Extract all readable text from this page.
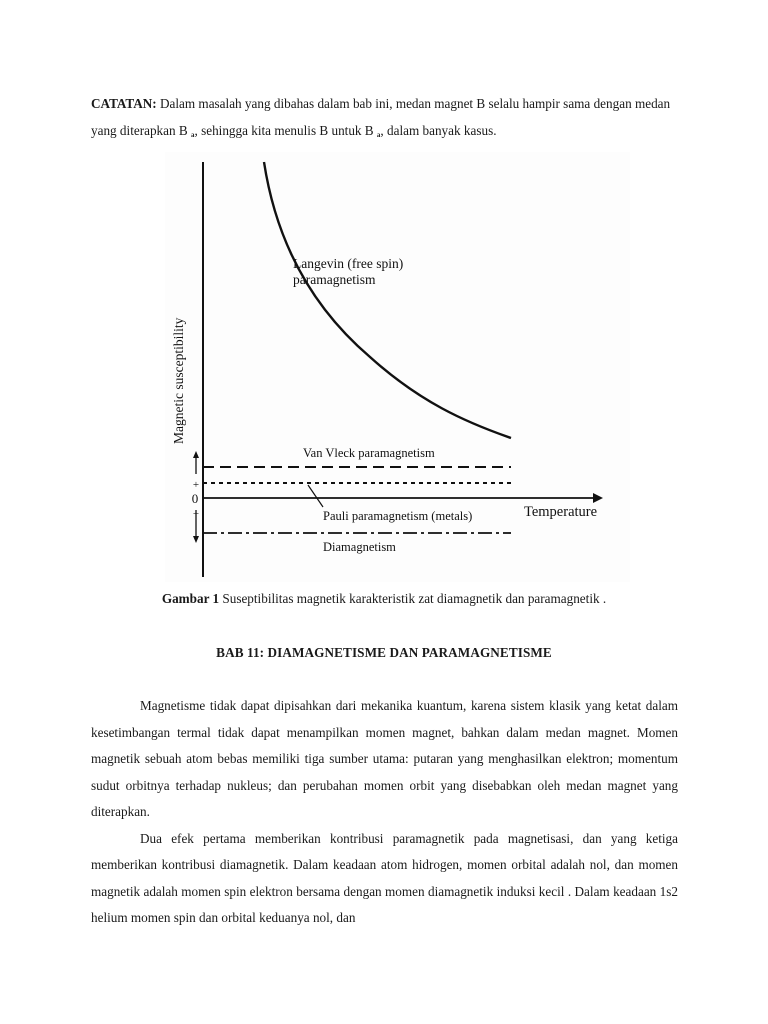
CATATAN: Dalam masalah yang dibahas dalam bab ini, medan magnet B selalu hampir sama dengan medan yang diterapkan B $_a$, sehingga kita menulis B untuk B $_a$, dalam banyak kasus.

+
0
−
Magnetic susceptibility
Temperature
Langevin (free spin)
paramagnetism
Van Vleck paramagnetism
Pauli paramagnetism (metals)
Diamagnetism

Gambar 1 Suseptibilitas magnetik karakteristik zat diamagnetik dan paramagnetik .

BAB 11: DIAMAGNETISME DAN PARAMAGNETISME

Magnetisme tidak dapat dipisahkan dari mekanika kuantum, karena sistem klasik yang ketat dalam kesetimbangan termal tidak dapat menampilkan momen magnet, bahkan dalam medan magnet. Momen magnetik sebuah atom bebas memiliki tiga sumber utama: putaran yang menghasilkan elektron; momentum sudut orbitnya terhadap nukleus; dan perubahan momen orbit yang disebabkan oleh medan magnet yang diterapkan.

Dua efek pertama memberikan kontribusi paramagnetik pada magnetisasi, dan yang ketiga memberikan kontribusi diamagnetik. Dalam keadaan atom hidrogen, momen orbital adalah nol, dan momen magnetik adalah momen spin elektron bersama dengan momen diamagnetik induksi kecil . Dalam keadaan 1s2 helium momen spin dan orbital keduanya nol, dan
